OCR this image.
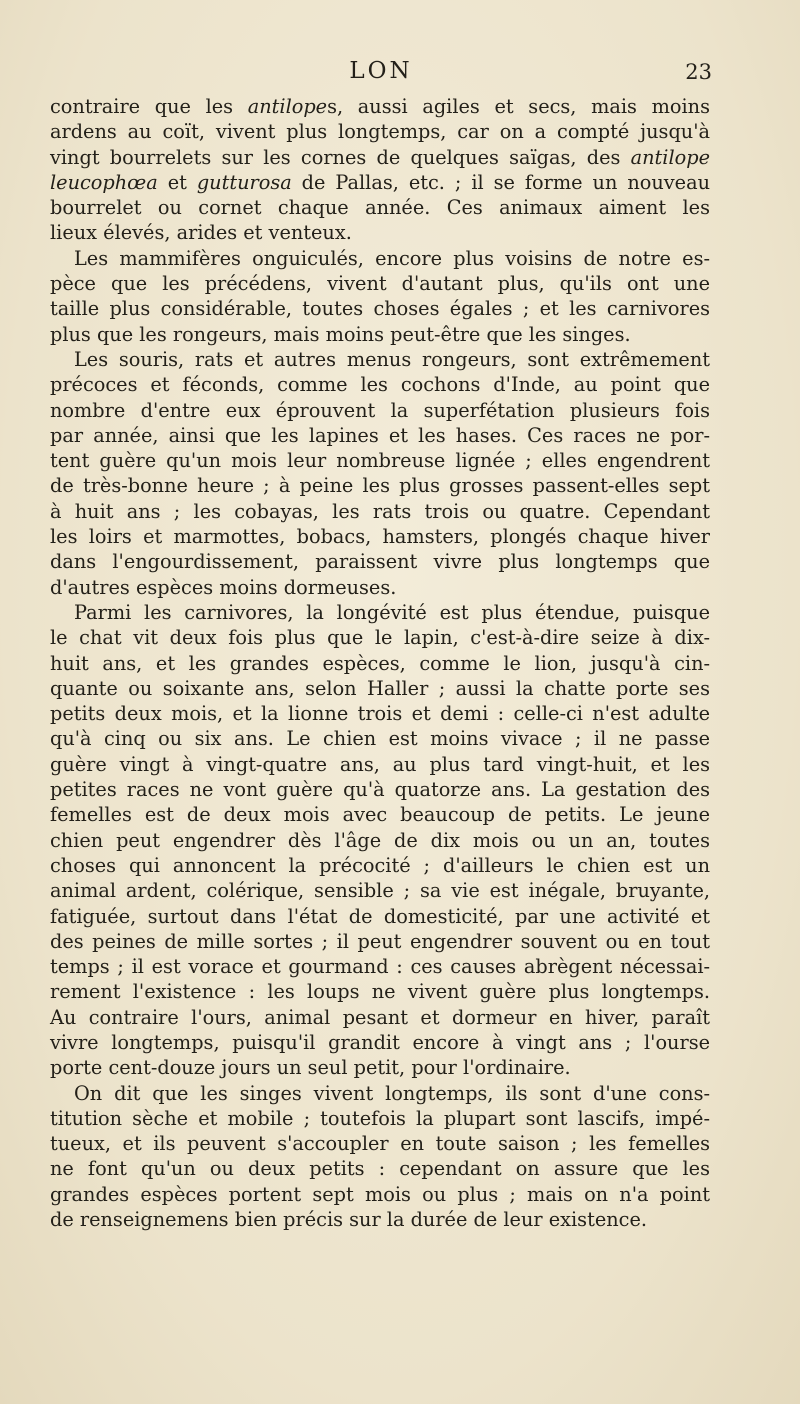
LON	23

contraire que les antilopes, aussi agiles et secs, mais moins
ardens au coït, vivent plus longtemps, car on a compté jusqu'à
vingt bourrelets sur les cornes de quelques saïgas, des antilope
leucophœa et gutturosa de Pallas, etc. ; il se forme un nouveau
bourrelet ou cornet chaque année. Ces animaux aiment les
lieux élevés, arides et venteux.

Les mammifères onguiculés, encore plus voisins de notre es-
pèce que les précédens, vivent d'autant plus, qu'ils ont une
taille plus considérable, toutes choses égales ; et les carnivores
plus que les rongeurs, mais moins peut-être que les singes.

Les souris, rats et autres menus rongeurs, sont extrêmement
précoces et féconds, comme les cochons d'Inde, au point que
nombre d'entre eux éprouvent la superfétation plusieurs fois
par année, ainsi que les lapines et les hases. Ces races ne por-
tent guère qu'un mois leur nombreuse lignée ; elles engendrent
de très-bonne heure ; à peine les plus grosses passent-elles sept
à huit ans ; les cobayas, les rats trois ou quatre. Cependant
les loirs et marmottes, bobacs, hamsters, plongés chaque hiver
dans l'engourdissement, paraissent vivre plus longtemps que
d'autres espèces moins dormeuses.

Parmi les carnivores, la longévité est plus étendue, puisque
le chat vit deux fois plus que le lapin, c'est-à-dire seize à dix-
huit ans, et les grandes espèces, comme le lion, jusqu'à cin-
quante ou soixante ans, selon Haller ; aussi la chatte porte ses
petits deux mois, et la lionne trois et demi : celle-ci n'est adulte
qu'à cinq ou six ans. Le chien est moins vivace ; il ne passe
guère vingt à vingt-quatre ans, au plus tard vingt-huit, et les
petites races ne vont guère qu'à quatorze ans. La gestation des
femelles est de deux mois avec beaucoup de petits. Le jeune
chien peut engendrer dès l'âge de dix mois ou un an, toutes
choses qui annoncent la précocité ; d'ailleurs le chien est un
animal ardent, colérique, sensible ; sa vie est inégale, bruyante,
fatiguée, surtout dans l'état de domesticité, par une activité et
des peines de mille sortes ; il peut engendrer souvent ou en tout
temps ; il est vorace et gourmand : ces causes abrègent nécessai-
rement l'existence : les loups ne vivent guère plus longtemps.
Au contraire l'ours, animal pesant et dormeur en hiver, paraît
vivre longtemps, puisqu'il grandit encore à vingt ans ; l'ourse
porte cent-douze jours un seul petit, pour l'ordinaire.

On dit que les singes vivent longtemps, ils sont d'une cons-
titution sèche et mobile ; toutefois la plupart sont lascifs, impé-
tueux, et ils peuvent s'accoupler en toute saison ; les femelles
ne font qu'un ou deux petits : cependant on assure que les
grandes espèces portent sept mois ou plus ; mais on n'a point
de renseignemens bien précis sur la durée de leur existence.
